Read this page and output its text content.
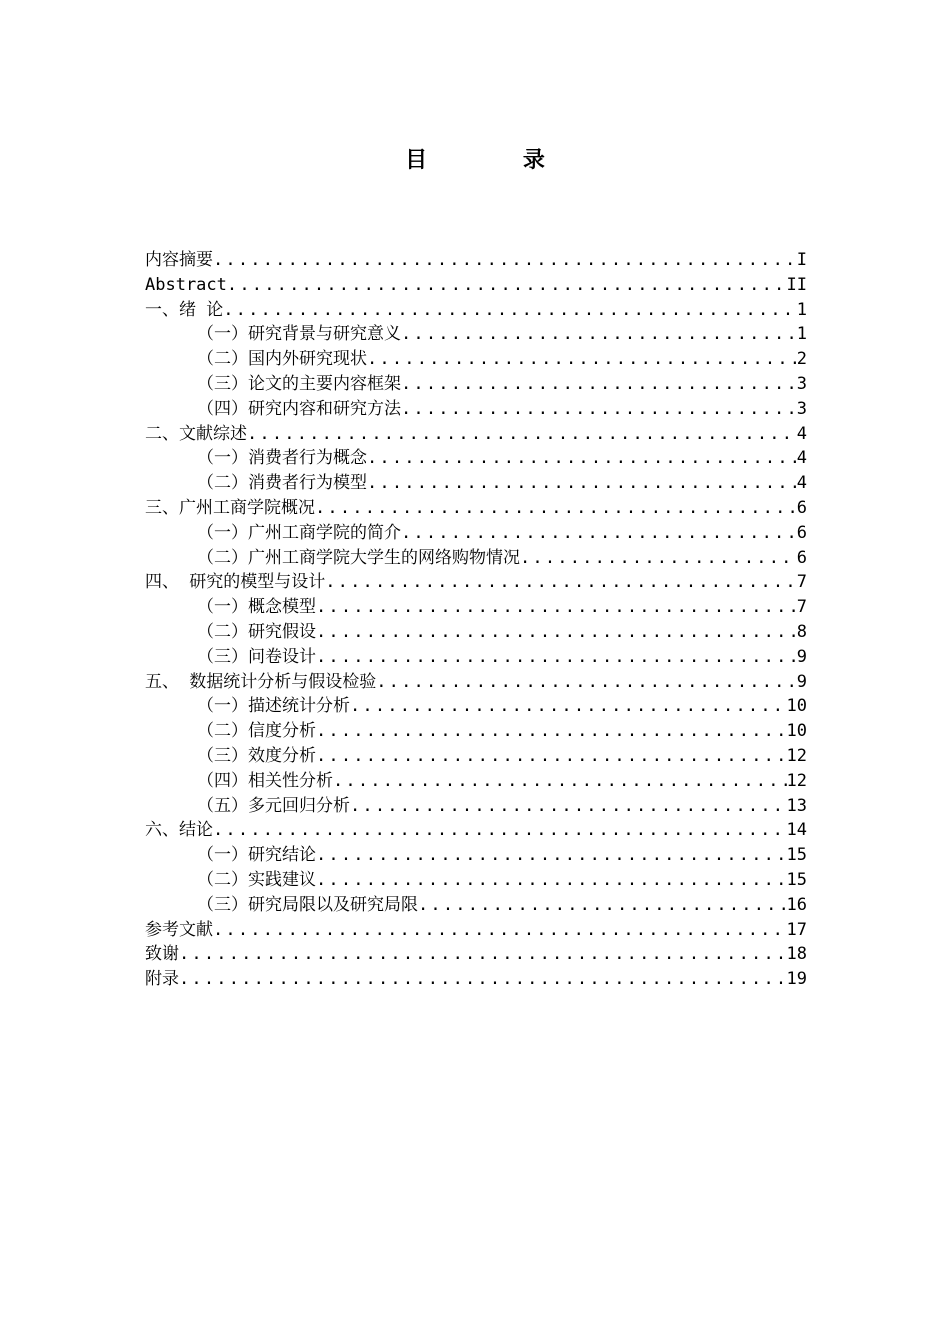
目 录
内容摘要 .....	I
Abstract .....	II
一、绪 论 .....	1
（一）研究背景与研究意义 .....	1
（二）国内外研究现状 .....	2
（三）论文的主要内容框架 .....	3
（四）研究内容和研究方法 .....	3
二、文献综述 .....	4
（一）消费者行为概念 .....	4
（二）消费者行为模型 .....	4
三、广州工商学院概况 .....	6
（一）广州工商学院的简介 .....	6
（二）广州工商学院大学生的网络购物情况 .....	6
四、 研究的模型与设计 .....	7
（一）概念模型 .....	7
（二）研究假设 .....	8
（三）问卷设计 .....	9
五、 数据统计分析与假设检验 .....	9
（一）描述统计分析 .....	10
（二）信度分析 .....	10
（三）效度分析 .....	12
（四）相关性分析 .....	12
（五）多元回归分析 .....	13
六、结论 .....	14
（一）研究结论 .....	15
（二）实践建议 .....	15
（三）研究局限以及研究局限 .....	16
参考文献 .....	17
致谢 .....	18
附录 .....	19
